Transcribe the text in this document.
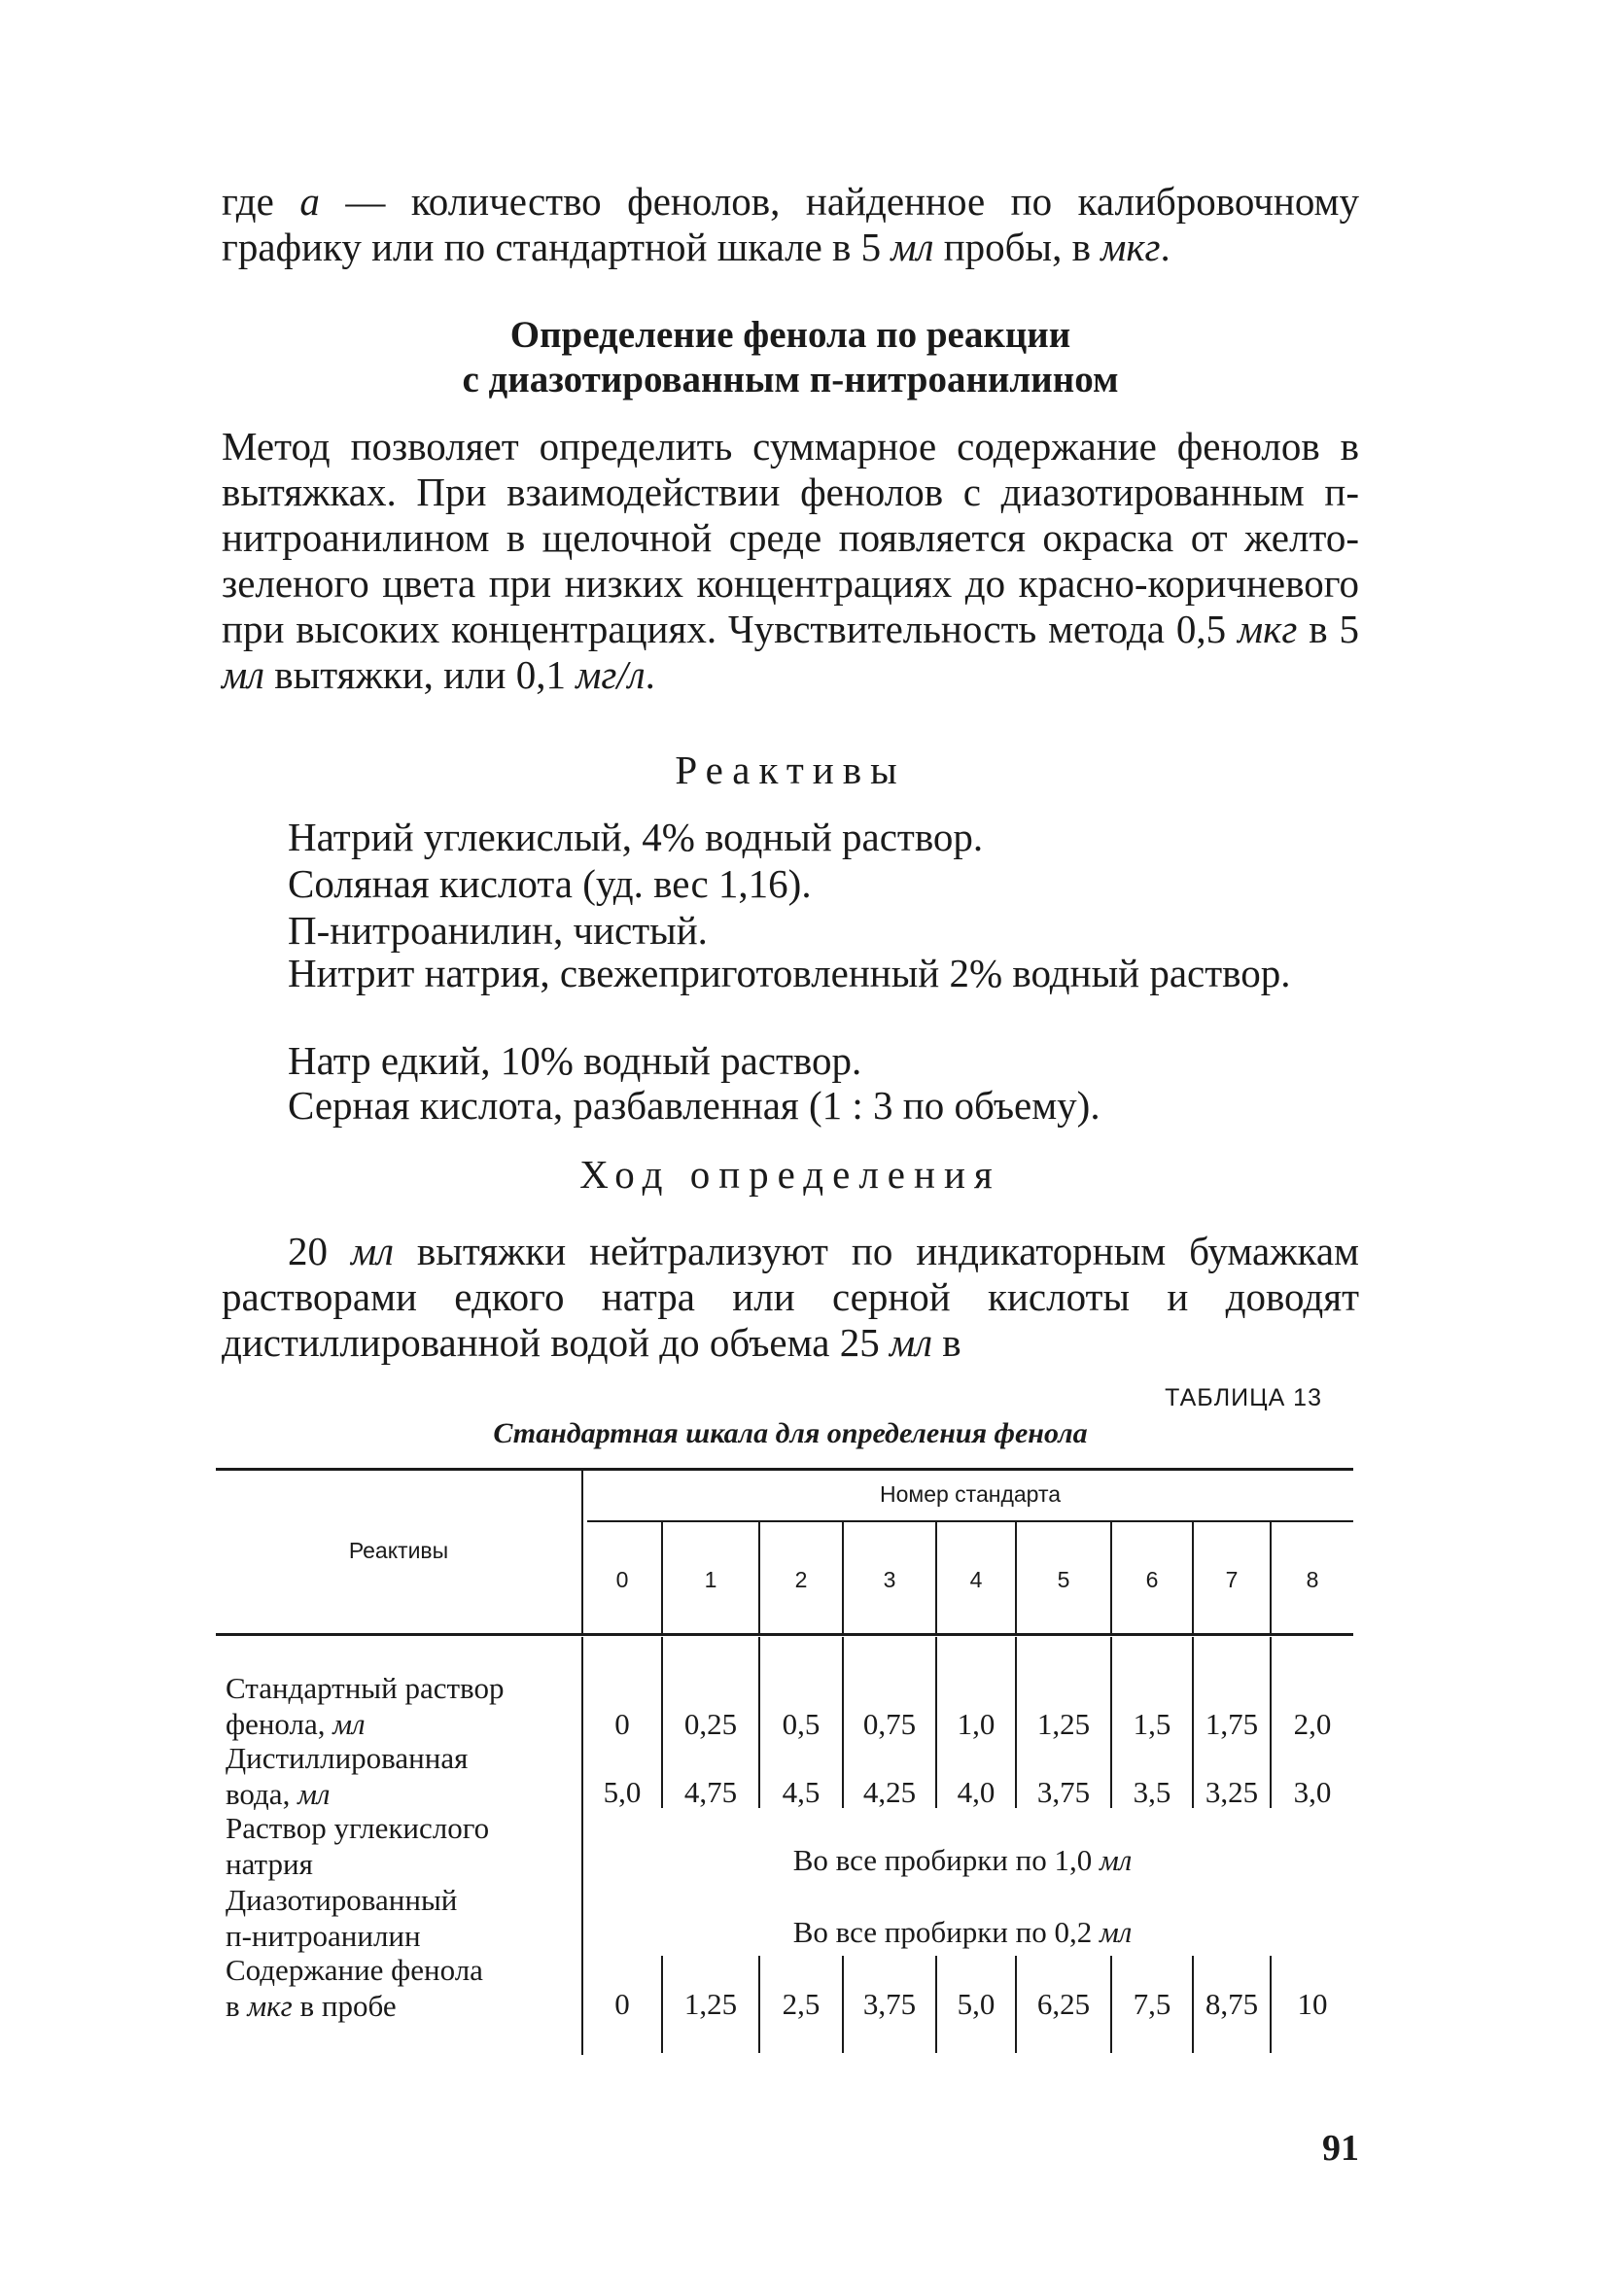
где а — количество фенолов, найденное по калибровочному графику или по стандартной шкале в 5 мл пробы, в мкг.
Определение фенола по реакции
с диазотированным п-нитроанилином
Метод позволяет определить суммарное содержание фенолов в вытяжках. При взаимодействии фенолов с диазотированным п-нитроанилином в щелочной среде появляется окраска от желто-зеленого цвета при низких концентрациях до красно-коричневого при высоких концентрациях. Чувствительность метода 0,5 мкг в 5 мл вытяжки, или 0,1 мг/л.
Реактивы
Натрий углекислый, 4% водный раствор.
Соляная кислота (уд. вес 1,16).
П-нитроанилин, чистый.
Нитрит натрия, свежеприготовленный 2% водный раствор.
Натр едкий, 10% водный раствор.
Серная кислота, разбавленная (1 : 3 по объему).
Ход определения
20 мл вытяжки нейтрализуют по индикаторным бумажкам растворами едкого натра или серной кислоты и доводят дистиллированной водой до объема 25 мл в
ТАБЛИЦА 13
Стандартная шкала для определения фенола
Реактивы
Номер стандарта
0	1	2	3	4	5	6	7	8
Стандартный раствор
фенола, мл	0	0,25	0,5	0,75	1,0	1,25	1,5	1,75	2,0
Дистиллированная
вода, мл	5,0	4,75	4,5	4,25	4,0	3,75	3,5	3,25	3,0
Раствор углекислого
натрия	Во все пробирки по 1,0 мл
Диазотированный
п-нитроанилин	Во все пробирки по 0,2 мл
Содержание фенола
в мкг в пробе	0	1,25	2,5	3,75	5,0	6,25	7,5	8,75	10
91
